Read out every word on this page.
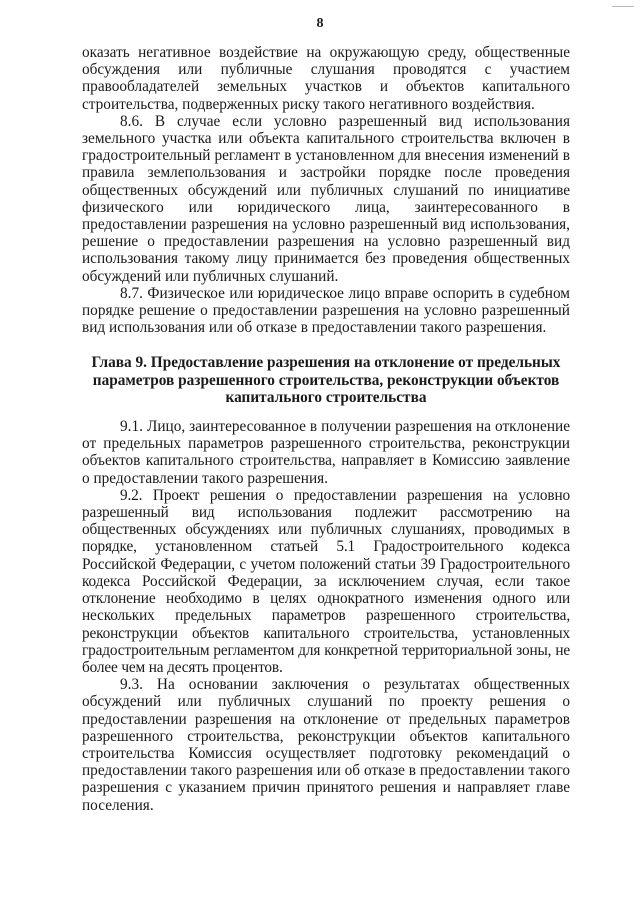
8

оказать негативное воздействие на окружающую среду, общественные обсуждения или публичные слушания проводятся с участием правообладателей земельных участков и объектов капитального строительства, подверженных риску такого негативного воздействия.

8.6. В случае если условно разрешенный вид использования земельного участка или объекта капитального строительства включен в градостроительный регламент в установленном для внесения изменений в правила землепользования и застройки порядке после проведения общественных обсуждений или публичных слушаний по инициативе физического или юридического лица, заинтересованного в предоставлении разрешения на условно разрешенный вид использования, решение о предоставлении разрешения на условно разрешенный вид использования такому лицу принимается без проведения общественных обсуждений или публичных слушаний.

8.7. Физическое или юридическое лицо вправе оспорить в судебном порядке решение о предоставлении разрешения на условно разрешенный вид использования или об отказе в предоставлении такого разрешения.

Глава 9. Предоставление разрешения на отклонение от предельных
параметров разрешенного строительства, реконструкции объектов
капитального строительства

9.1. Лицо, заинтересованное в получении разрешения на отклонение от предельных параметров разрешенного строительства, реконструкции объектов капитального строительства, направляет в Комиссию заявление о предоставлении такого разрешения.

9.2. Проект решения о предоставлении разрешения на условно разрешенный вид использования подлежит рассмотрению на общественных обсуждениях или публичных слушаниях, проводимых в порядке, установленном статьей 5.1 Градостроительного кодекса Российской Федерации, с учетом положений статьи 39 Градостроительного кодекса Российской Федерации, за исключением случая, если такое отклонение необходимо в целях однократного изменения одного или нескольких предельных параметров разрешенного строительства, реконструкции объектов капитального строительства, установленных градостроительным регламентом для конкретной территориальной зоны, не более чем на десять процентов.

9.3. На основании заключения о результатах общественных обсуждений или публичных слушаний по проекту решения о предоставлении разрешения на отклонение от предельных параметров разрешенного строительства, реконструкции объектов капитального строительства Комиссия осуществляет подготовку рекомендаций о предоставлении такого разрешения или об отказе в предоставлении такого разрешения с указанием причин принятого решения и направляет главе поселения.
